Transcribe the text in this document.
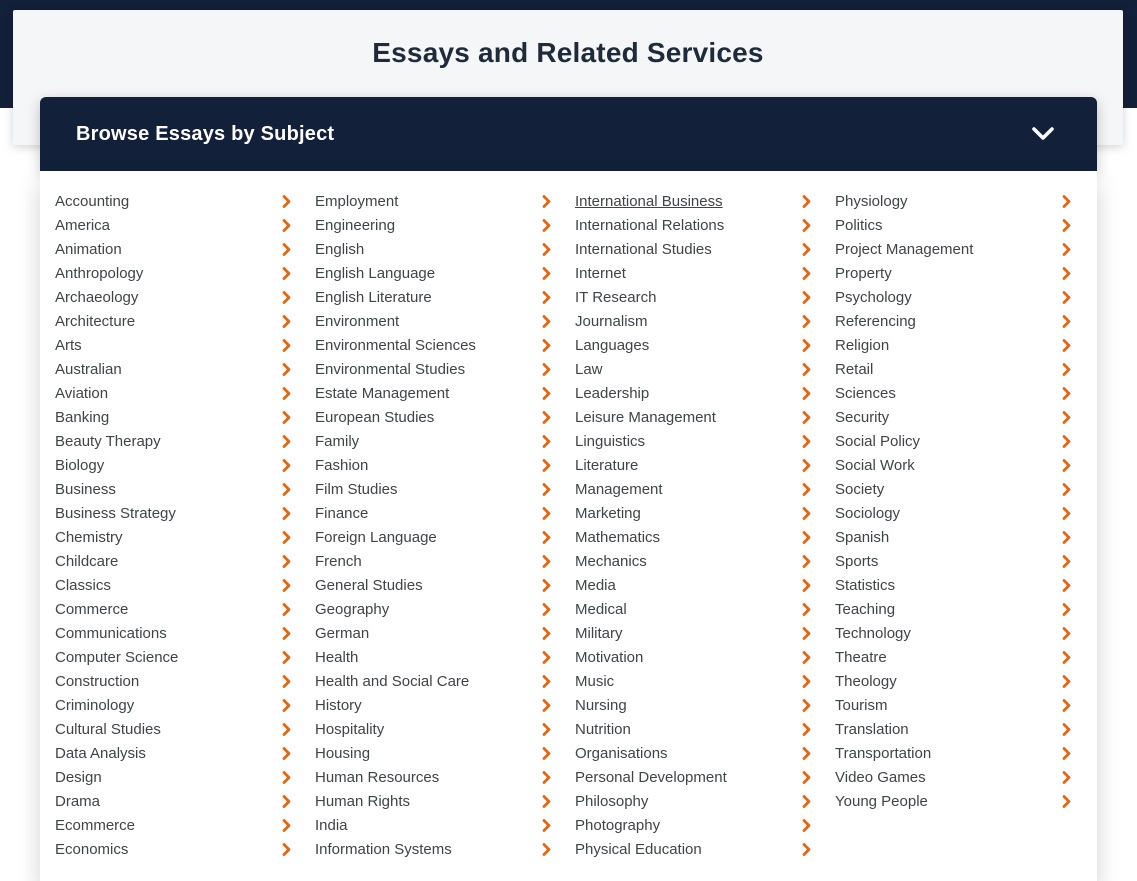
Essays and Related Services
Browse Essays by Subject
Accounting
America
Animation
Anthropology
Archaeology
Architecture
Arts
Australian
Aviation
Banking
Beauty Therapy
Biology
Business
Business Strategy
Chemistry
Childcare
Classics
Commerce
Communications
Computer Science
Construction
Criminology
Cultural Studies
Data Analysis
Design
Drama
Ecommerce
Economics
Employment
Engineering
English
English Language
English Literature
Environment
Environmental Sciences
Environmental Studies
Estate Management
European Studies
Family
Fashion
Film Studies
Finance
Foreign Language
French
General Studies
Geography
German
Health
Health and Social Care
History
Hospitality
Housing
Human Resources
Human Rights
India
Information Systems
International Business
International Relations
International Studies
Internet
IT Research
Journalism
Languages
Law
Leadership
Leisure Management
Linguistics
Literature
Management
Marketing
Mathematics
Mechanics
Media
Medical
Military
Motivation
Music
Nursing
Nutrition
Organisations
Personal Development
Philosophy
Photography
Physical Education
Physiology
Politics
Project Management
Property
Psychology
Referencing
Religion
Retail
Sciences
Security
Social Policy
Social Work
Society
Sociology
Spanish
Sports
Statistics
Teaching
Technology
Theatre
Theology
Tourism
Translation
Transportation
Video Games
Young People
